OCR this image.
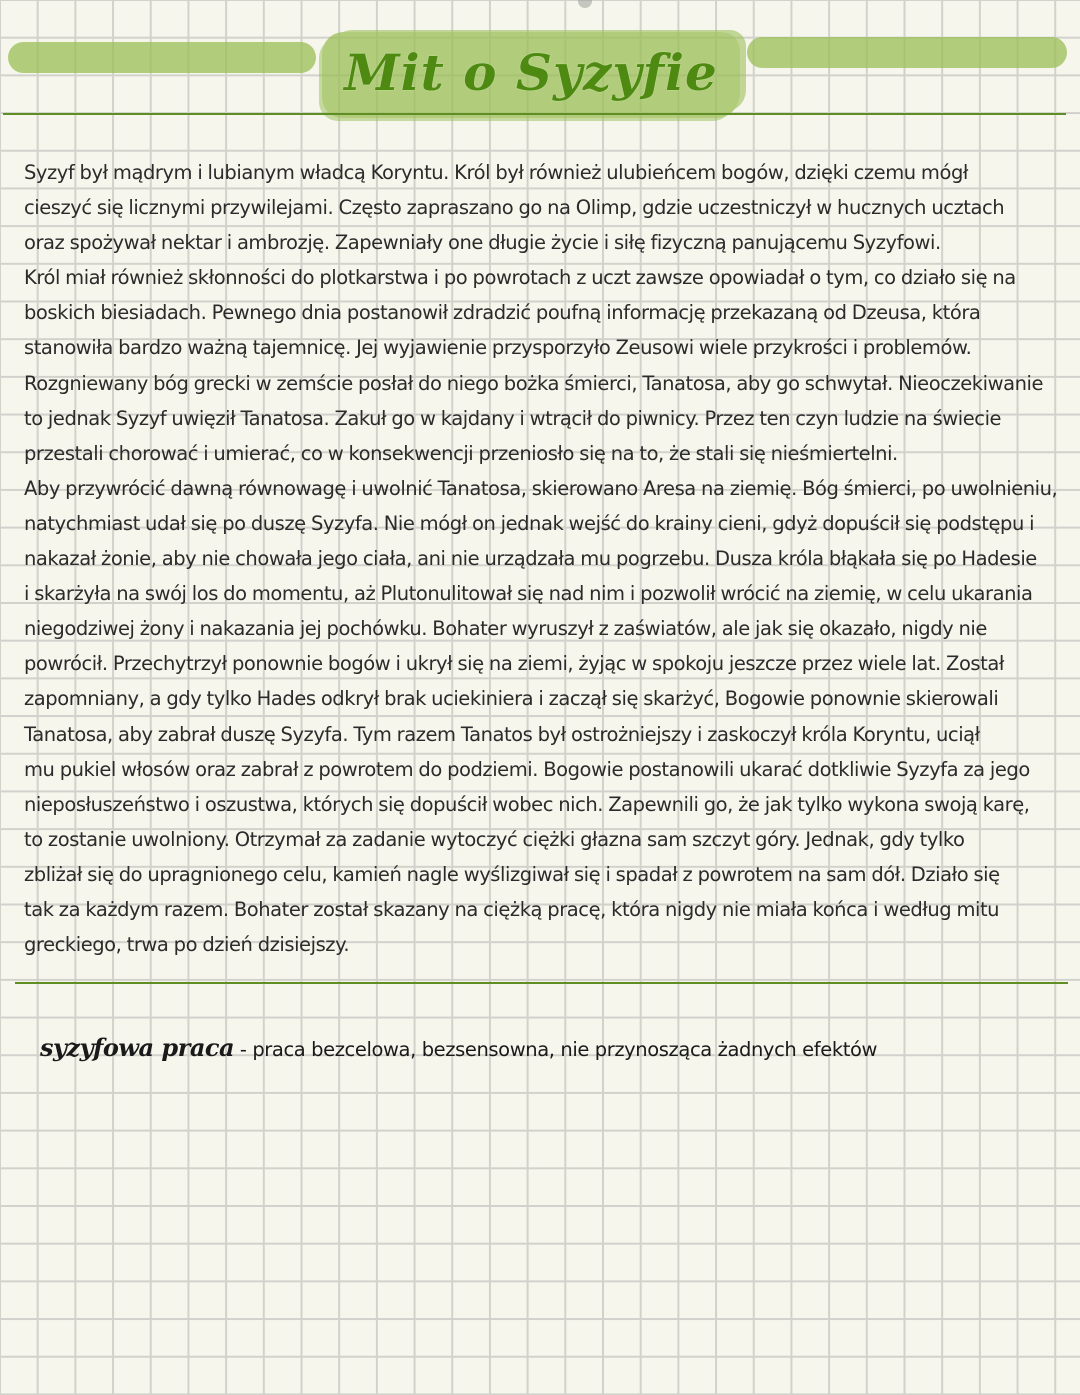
Mit o Syzyfie
Syzyf był mądrym i lubianym władcą Koryntu. Król był również ulubieńcem bogów, dzięki czemu mógł
cieszyć się licznymi przywilejami. Często zapraszano go na Olimp, gdzie uczestniczył w hucznych ucztach
oraz spożywał nektar i ambrozję. Zapewniały one długie życie i siłę fizyczną panującemu Syzyfowi.
Król miał również skłonności do plotkarstwa i po powrotach z uczt zawsze opowiadał o tym, co działo się na
boskich biesiadach. Pewnego dnia postanowił zdradzić poufną informację przekazaną od Dzeusa, która
stanowiła bardzo ważną tajemnicę. Jej wyjawienie przysporzyło Zeusowi wiele przykrości i problemów.
Rozgniewany bóg grecki w zemście posłał do niego bożka śmierci, Tanatosa, aby go schwytał. Nieoczekiwanie
to jednak Syzyf uwięził Tanatosa. Zakuł go w kajdany i wtrącił do piwnicy. Przez ten czyn ludzie na świecie
przestali chorować i umierać, co w konsekwencji przeniosło się na to, że stali się nieśmiertelni.
Aby przywrócić dawną równowagę i uwolnić Tanatosa, skierowano Aresa na ziemię. Bóg śmierci, po uwolnieniu,
natychmiast udał się po duszę Syzyfa. Nie mógł on jednak wejść do krainy cieni, gdyż dopuścił się podstępu i
nakazał żonie, aby nie chowała jego ciała, ani nie urządzała mu pogrzebu. Dusza króla błąkała się po Hadesie
i skarżyła na swój los do momentu, aż Plutonulitował się nad nim i pozwolił wrócić na ziemię, w celu ukarania
niegodziwej żony i nakazania jej pochówku. Bohater wyruszył z zaświatów, ale jak się okazało, nigdy nie
powrócił. Przechytrzył ponownie bogów i ukrył się na ziemi, żyjąc w spokoju jeszcze przez wiele lat. Został
zapomniany, a gdy tylko Hades odkrył brak uciekiniera i zaczął się skarżyć, Bogowie ponownie skierowali
Tanatosa, aby zabrał duszę Syzyfa. Tym razem Tanatos był ostrożniejszy i zaskoczył króla Koryntu, uciął
mu pukiel włosów oraz zabrał z powrotem do podziemi. Bogowie postanowili ukarać dotkliwie Syzyfa za jego
nieposłuszeństwo i oszustwa, których się dopuścił wobec nich. Zapewnili go, że jak tylko wykona swoją karę,
to zostanie uwolniony. Otrzymał za zadanie wytoczyć ciężki głazna sam szczyt góry. Jednak, gdy tylko
zbliżał się do upragnionego celu, kamień nagle wyślizgiwał się i spadał z powrotem na sam dół. Działo się
tak za każdym razem. Bohater został skazany na ciężką pracę, która nigdy nie miała końca i według mitu
greckiego, trwa po dzień dzisiejszy.
syzyfowa praca - praca bezcelowa, bezsensowna, nie przynosząca żadnych efektów
